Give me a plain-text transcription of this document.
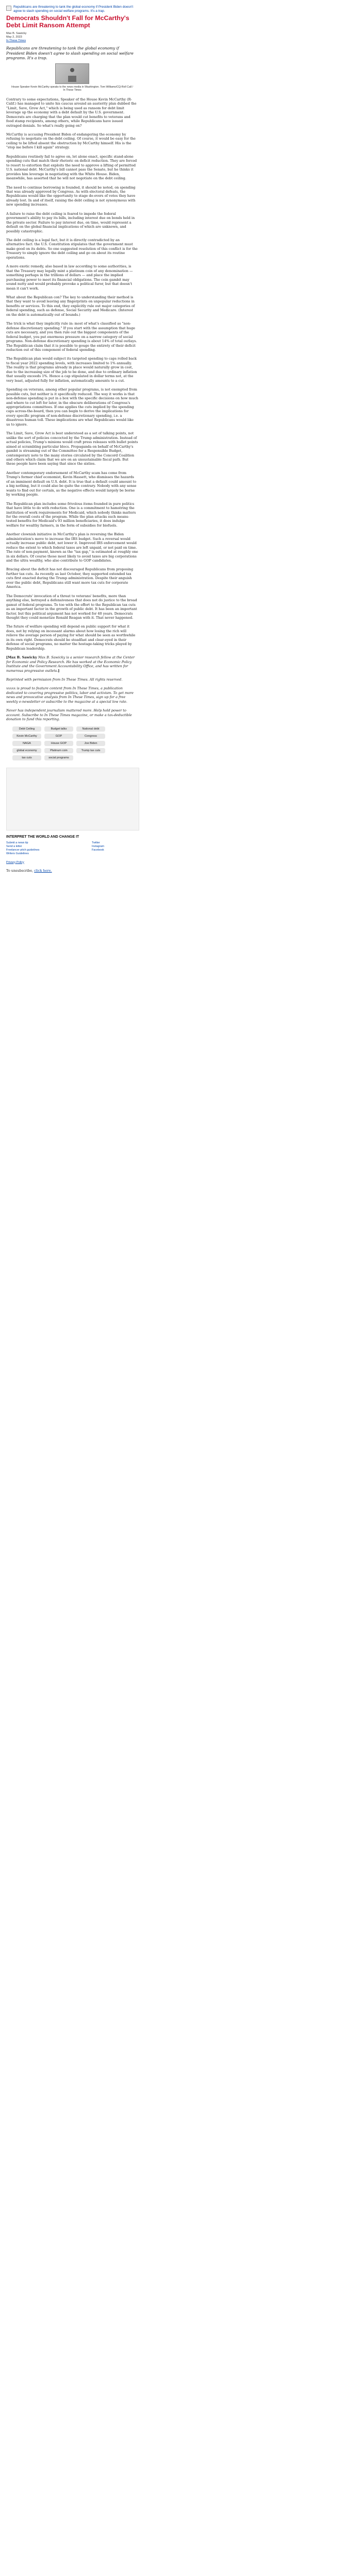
Republicans are threatening to tank the global economy if President Biden doesn't agree to slash spending on social welfare programs. It's a trap.
Democrats Shouldn't Fall for McCarthy's Debt Limit Ransom Attempt
Max B. Sawicky
May 2, 2023
In These Times
Republicans are threatening to tank the global economy if President Biden doesn't agree to slash spending on social welfare programs. It's a trap.
House Speaker Kevin McCarthy speaks to the news media in Washington. Tom Williams/CQ-Roll Call / In These Times
Contrary to some expectations, Speaker of the House Kevin McCarthy (R-Calif.) has managed to unite his caucus around an austerity plan dubbed the "Limit, Save, Grow Act," which is being used as ransom for debt limit leverage up the economy with a debt default by the U.S. government. Democrats are charging that the plan would cut benefits to veterans and food stamp recipients, among others, while Republicans have issued outraged denials. So what's really going on?
McCarthy is accusing President Biden of endangering the economy by refusing to negotiate on the debt ceiling. Of course, it would be easy for the ceiling to be lifted absent the obstruction by McCarthy himself. His is the "stop me before I kill again" strategy.
Republicans routinely fail to agree on, let alone enact, specific stand-alone spending cuts that match their rhetoric on deficit reduction. They are forced to resort to extortion that exploits the need to approve a lifting of permitted U.S. national debt. McCarthy's bill cannot pass the Senate, but he thinks it provides him leverage in negotiating with the White House. Biden, meanwhile, has asserted that he will not negotiate on the debt ceiling.
The need to continue borrowing is founded, it should be noted, on spending that was already approved by Congress. As with electoral defeats, the Republicans would like the opportunity to stage do-overs of votes they have already lost. In and of itself, raising the debt ceiling is not synonymous with new spending increases.
A failure to raise the debt ceiling is feared to impede the federal government's ability to pay its bills, including interest due on bonds held in the private sector. Failure to pay interest due, on time, would represent a default on the global financial implications of which are unknown, and possibly catastrophic.
The debt ceiling is a legal fact, but it is directly contradicted by an alternative fact: the U.S. Constitution stipulates that the government must make good on its debts. So one suggested resolution of this conflict is for the Treasury to simply ignore the debt ceiling and go on about its routine operations.
A more exotic remedy, also based in law according to some authorities, is that the Treasury may legally mint a platinum coin of any denomination — something perhaps in the trillions of dollars — and place the implied purchasing power to meet its financial obligations. The coin gambit may sound nutty and would probably provoke a political furor, but that doesn't mean it can't work.
What about the Republican con? The key to understanding their method is that they want to avoid leaving any fingerprints on unpopular reductions in benefits or services. To this end, they explicitly rule out major categories of federal spending, such as defense, Social Security and Medicare. (Interest on the debt is automatically out of bounds.)
The trick is what they implicitly rule in: most of what's classified as "non-defense discretionary spending." If you start with the assumption that huge cuts are necessary, and you then rule out the biggest components of the federal budget, you put enormous pressure on a narrow category of social programs. Non-defense discretionary spending is about 14% of total outlays. The Republican claim that it is possible to gouge the entirety of their deficit reduction out of this component of federal spending.
The Republican plan would subject its targeted spending to caps rolled back to fiscal year 2022 spending levels, with increases limited to 1% annually. The reality is that programs already in place would naturally grow in cost, due to the increasing size of the job to be done, and due to ordinary inflation that usually exceeds 1%. Hence a cap stipulated in dollar terms not, at the very least, adjusted fully for inflation, automatically amounts to a cut.
Spending on veterans, among other popular programs, is not exempted from possible cuts, but neither is it specifically reduced. The way it works is that non-defense spending is put in a box with the specific decisions on how much and where to cut left for later, in the obscure deliberations of Congress's appropriations committees. If one applies the cuts implied by the spending caps across-the-board, then you can begin to derive the implications for every specific program of non-defense discretionary spending, i.e. a disastrous human toll. These implications are what Republicans would like us to ignore.
The Limit, Save, Grow Act is best understood as a set of talking points, not unlike the sort of policies concocted by the Trump administration. Instead of actual policies, Trump's minions would craft press releases with bullet points aimed at scrambling particular blocs. Propaganda on behalf of McCarthy's gambit is streaming out of the Committee for a Responsible Budget, contemporary note to the many stories circulated by the Concord Coalition and others which claim that we are on an unsustainable fiscal path. But these people have been saying that since the sixties.
Another contemporary endorsement of McCarthy scam has come from Trump's former chief economist, Kevin Hassett, who dismisses the hazards of an imminent default on U.S. debt. It is true that a default could amount to a big nothing, but it could also be quite the contrary. Nobody with any sense wants to find out for certain, as the negative effects would largely be borne by working people.
The Republican plan includes some frivolous items founded in pure politics that have little to do with reduction. One is a commitment to hamstring the institution of work requirements for Medicaid, which nobody thinks matters for the overall costs of the program. While the plan attacks such means-tested benefits for Medicaid's 93 million beneficiaries, it does indulge welfare for wealthy farmers, in the form of subsidies for biofuels.
Another clownish initiative in McCarthy's plan is reversing the Biden administration's move to increase the IRS budget. Such a reversal would actually increase public debt, not lower it. Improved IRS enforcement would reduce the extent to which federal taxes are left unpaid, or not paid on time. The rate of non-payment, known as the "tax gap," is estimated at roughly one in six dollars. Of course those most likely to avoid taxes are big corporations and the ultra wealthy, who also contribute to GOP candidates.
Bracing about the deficit has not discouraged Republicans from proposing further tax cuts. As recently as last October, they supported extended tax cuts first enacted during the Trump administration. Despite their anguish over the public debt, Republicans still want more tax cuts for corporate America.
The Democrats' invocation of a threat to veterans' benefits, more than anything else, betrayed a defensiveness that does not do justice to the broad gamut of federal programs. To toe with the effort to the Republican tax cuts as an important factor in the growth of public debt. It has been an important factor, but this political argument has not worked for 40 years. Democrats thought they could monetize Ronald Reagan with it. That never happened.
The future of welfare spending will depend on public support for what it does, not by relying on incessant alarms about how losing the rich will relieve the average person of paying for what should be seen as worthwhile in its own right. Democrats should be steadfast and clear-eyed in their defense of social programs, no matter the hostage-taking tricks played by Republican leadership.
[Max B. Sawicky Max B. Sawicky is a senior research fellow at the Center for Economic and Policy Research. He has worked at the Economic Policy Institute and the Government Accountability Office, and has written for numerous progressive outlets.]
Reprinted with permission from In These Times. All rights reserved.
xxxxx is proud to feature content from In These Times, a publication dedicated to covering progressive politics, labor and activism. To get more news and provocative analysis from In These Times, sign up for a free weekly e-newsletter or subscribe to the magazine at a special low rate.
Never has independent journalism mattered more. Help hold power to account. Subscribe to In These Times magazine, or make a tax-deductible donation to fund this reporting.
Debt Ceiling	Budget talks	National debt
Kevin McCarthy	GOP	Congress
NAGA	House GOP	Joe Biden
global economy	Platinum coin	Trump tax cuts
tax cuts	social programs
INTERPRET THE WORLD AND CHANGE IT
Submit a news tip
Send a letter
Freelancer pitch guidelines
Writers Guidelines
Twitter
Instagram
Facebook
Privacy Policy
To unsubscribe, click here.
